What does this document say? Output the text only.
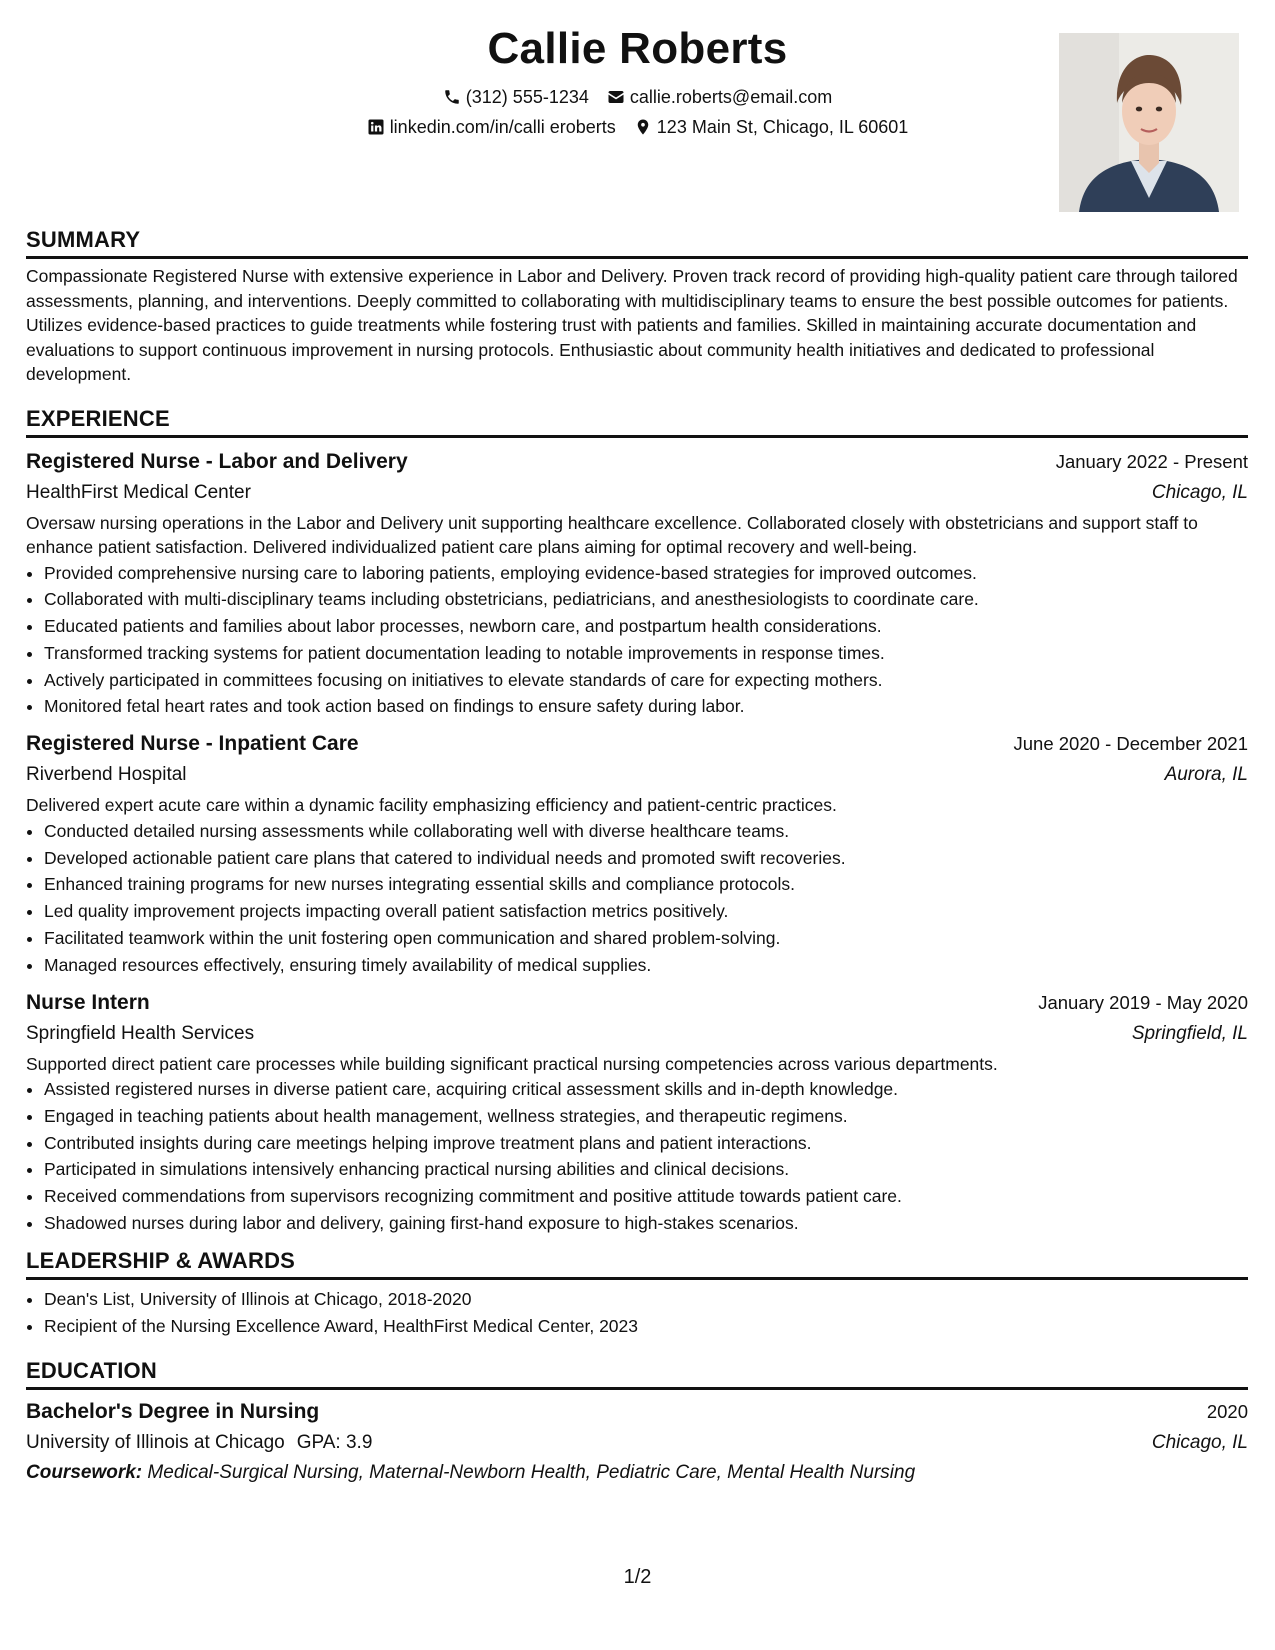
Callie Roberts
(312) 555-1234 callie.roberts@email.com
linkedin.com/in/calli eroberts 123 Main St, Chicago, IL 60601
SUMMARY

Compassionate Registered Nurse with extensive experience in Labor and Delivery. Proven track record of providing high-quality patient care through tailored assessments, planning, and interventions. Deeply committed to collaborating with multidisciplinary teams to ensure the best possible outcomes for patients. Utilizes evidence-based practices to guide treatments while fostering trust with patients and families. Skilled in maintaining accurate documentation and evaluations to support continuous improvement in nursing protocols. Enthusiastic about community health initiatives and dedicated to professional development.

EXPERIENCE
Registered Nurse - Labor and Delivery	January 2022 - Present
HealthFirst Medical Center	Chicago, IL

Oversaw nursing operations in the Labor and Delivery unit supporting healthcare excellence. Collaborated closely with obstetricians and support staff to enhance patient satisfaction. Delivered individualized patient care plans aiming for optimal recovery and well-being.

• Provided comprehensive nursing care to laboring patients, employing evidence-based strategies for improved outcomes.
• Collaborated with multi-disciplinary teams including obstetricians, pediatricians, and anesthesiologists to coordinate care.
• Educated patients and families about labor processes, newborn care, and postpartum health considerations.
• Transformed tracking systems for patient documentation leading to notable improvements in response times.
• Actively participated in committees focusing on initiatives to elevate standards of care for expecting mothers.
• Monitored fetal heart rates and took action based on findings to ensure safety during labor.
Registered Nurse - Inpatient Care	June 2020 - December 2021
Riverbend Hospital	Aurora, IL

Delivered expert acute care within a dynamic facility emphasizing efficiency and patient-centric practices.

• Conducted detailed nursing assessments while collaborating well with diverse healthcare teams.
• Developed actionable patient care plans that catered to individual needs and promoted swift recoveries.
• Enhanced training programs for new nurses integrating essential skills and compliance protocols.
• Led quality improvement projects impacting overall patient satisfaction metrics positively.
• Facilitated teamwork within the unit fostering open communication and shared problem-solving.
• Managed resources effectively, ensuring timely availability of medical supplies.
Nurse Intern	January 2019 - May 2020
Springfield Health Services	Springfield, IL

Supported direct patient care processes while building significant practical nursing competencies across various departments.

• Assisted registered nurses in diverse patient care, acquiring critical assessment skills and in-depth knowledge.
• Engaged in teaching patients about health management, wellness strategies, and therapeutic regimens.
• Contributed insights during care meetings helping improve treatment plans and patient interactions.
• Participated in simulations intensively enhancing practical nursing abilities and clinical decisions.
• Received commendations from supervisors recognizing commitment and positive attitude towards patient care.
• Shadowed nurses during labor and delivery, gaining first-hand exposure to high-stakes scenarios.
LEADERSHIP & AWARDS
• Dean's List, University of Illinois at Chicago, 2018-2020
• Recipient of the Nursing Excellence Award, HealthFirst Medical Center, 2023
EDUCATION
Bachelor's Degree in Nursing	2020
University of Illinois at Chicago GPA: 3.9	Chicago, IL
Coursework: Medical-Surgical Nursing, Maternal-Newborn Health, Pediatric Care, Mental Health Nursing
1/2
